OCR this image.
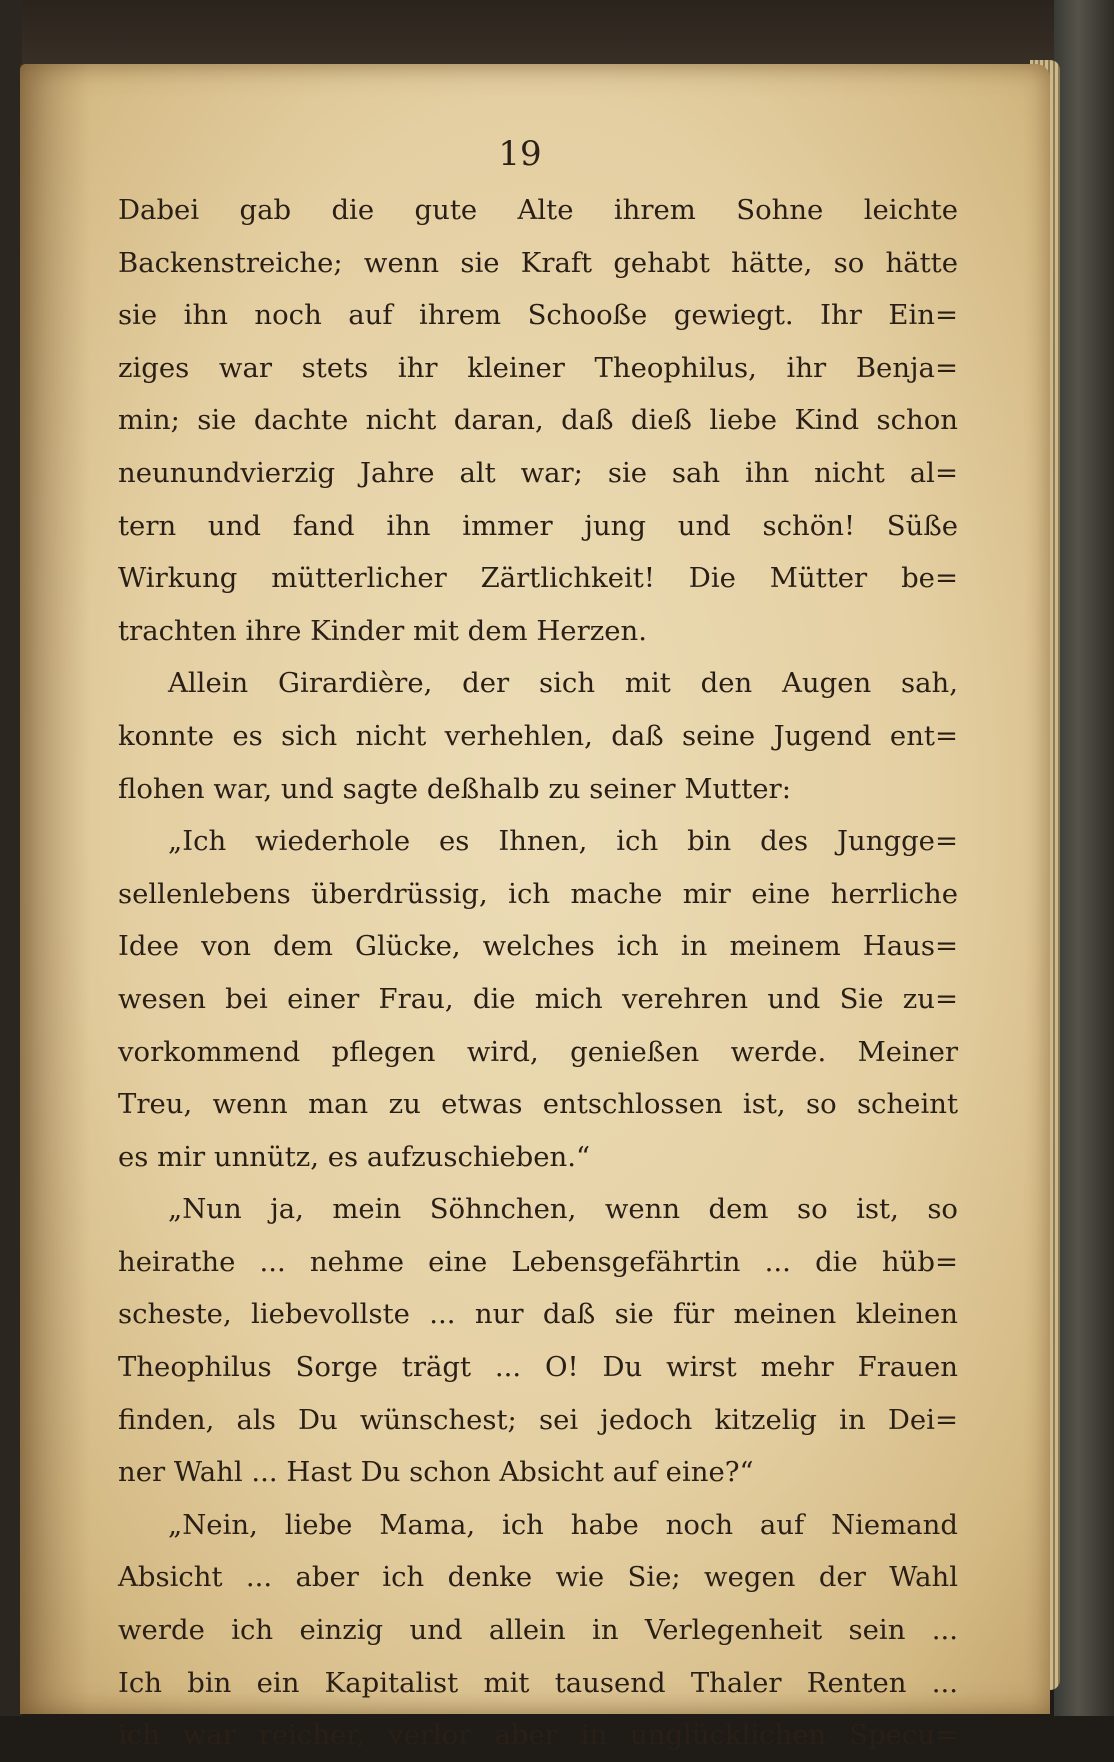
19

Dabei gab die gute Alte ihrem Sohne leichte
Backenstreiche; wenn sie Kraft gehabt hätte, so hätte
sie ihn noch auf ihrem Schooße gewiegt. Ihr Ein=
ziges war stets ihr kleiner Theophilus, ihr Benja=
min; sie dachte nicht daran, daß dieß liebe Kind schon
neunundvierzig Jahre alt war; sie sah ihn nicht al=
tern und fand ihn immer jung und schön! Süße
Wirkung mütterlicher Zärtlichkeit! Die Mütter be=
trachten ihre Kinder mit dem Herzen.
Allein Girardière, der sich mit den Augen sah,
konnte es sich nicht verhehlen, daß seine Jugend ent=
flohen war, und sagte deßhalb zu seiner Mutter:
„Ich wiederhole es Ihnen, ich bin des Jungge=
sellenlebens überdrüssig, ich mache mir eine herrliche
Idee von dem Glücke, welches ich in meinem Haus=
wesen bei einer Frau, die mich verehren und Sie zu=
vorkommend pflegen wird, genießen werde. Meiner
Treu, wenn man zu etwas entschlossen ist, so scheint
es mir unnütz, es aufzuschieben.“
„Nun ja, mein Söhnchen, wenn dem so ist, so
heirathe ... nehme eine Lebensgefährtin ... die hüb=
scheste, liebevollste ... nur daß sie für meinen kleinen
Theophilus Sorge trägt ... O! Du wirst mehr Frauen
finden, als Du wünschest; sei jedoch kitzelig in Dei=
ner Wahl ... Hast Du schon Absicht auf eine?“
„Nein, liebe Mama, ich habe noch auf Niemand
Absicht ... aber ich denke wie Sie; wegen der Wahl
werde ich einzig und allein in Verlegenheit sein ...
Ich bin ein Kapitalist mit tausend Thaler Renten ...
ich war reicher, verlor aber in unglücklichen Specu=
